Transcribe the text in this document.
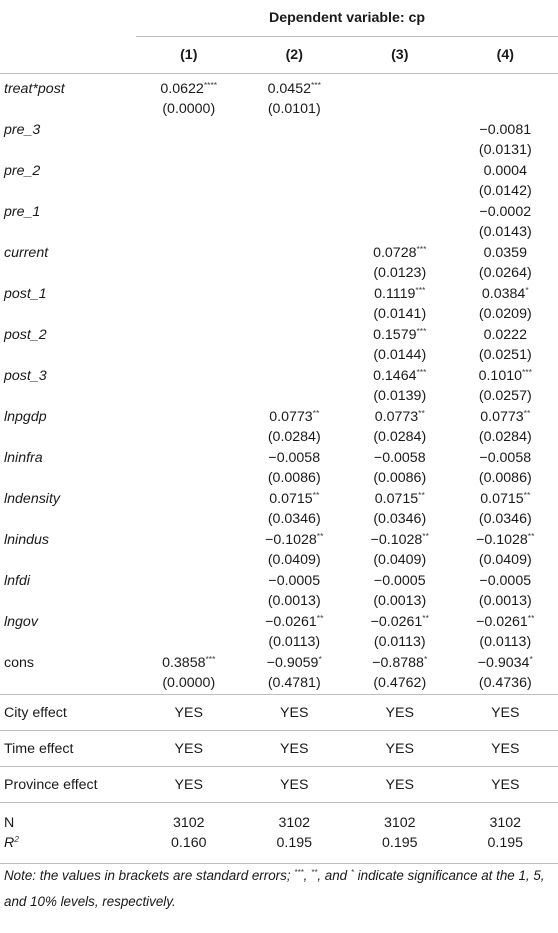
	Dependent variable: cp			
	(1)	(2)	(3)	(4)
treat*post	0.0622****	0.0452***		
	(0.0000)	(0.0101)		
pre_3				−0.0081
				(0.0131)
pre_2				0.0004
				(0.0142)
pre_1				−0.0002
				(0.0143)
current			0.0728***	0.0359
			(0.0123)	(0.0264)
post_1			0.1119***	0.0384*
			(0.0141)	(0.0209)
post_2			0.1579***	0.0222
			(0.0144)	(0.0251)
post_3			0.1464***	0.1010***
			(0.0139)	(0.0257)
lnpgdp		0.0773**	0.0773**	0.0773**
		(0.0284)	(0.0284)	(0.0284)
lninfra		−0.0058	−0.0058	−0.0058
		(0.0086)	(0.0086)	(0.0086)
lndensity		0.0715**	0.0715**	0.0715**
		(0.0346)	(0.0346)	(0.0346)
lnindus		−0.1028**	−0.1028**	−0.1028**
		(0.0409)	(0.0409)	(0.0409)
lnfdi		−0.0005	−0.0005	−0.0005
		(0.0013)	(0.0013)	(0.0013)
lngov		−0.0261**	−0.0261**	−0.0261**
		(0.0113)	(0.0113)	(0.0113)
cons	0.3858***	−0.9059*	−0.8788*	−0.9034*
	(0.0000)	(0.4781)	(0.4762)	(0.4736)
City effect	YES	YES	YES	YES
Time effect	YES	YES	YES	YES
Province effect	YES	YES	YES	YES
N	3102	3102	3102	3102
$R^2$	0.160	0.195	0.195	0.195
Note: the values in brackets are standard errors; ***, **, and * indicate significance at the 1, 5, and 10% levels, respectively.
